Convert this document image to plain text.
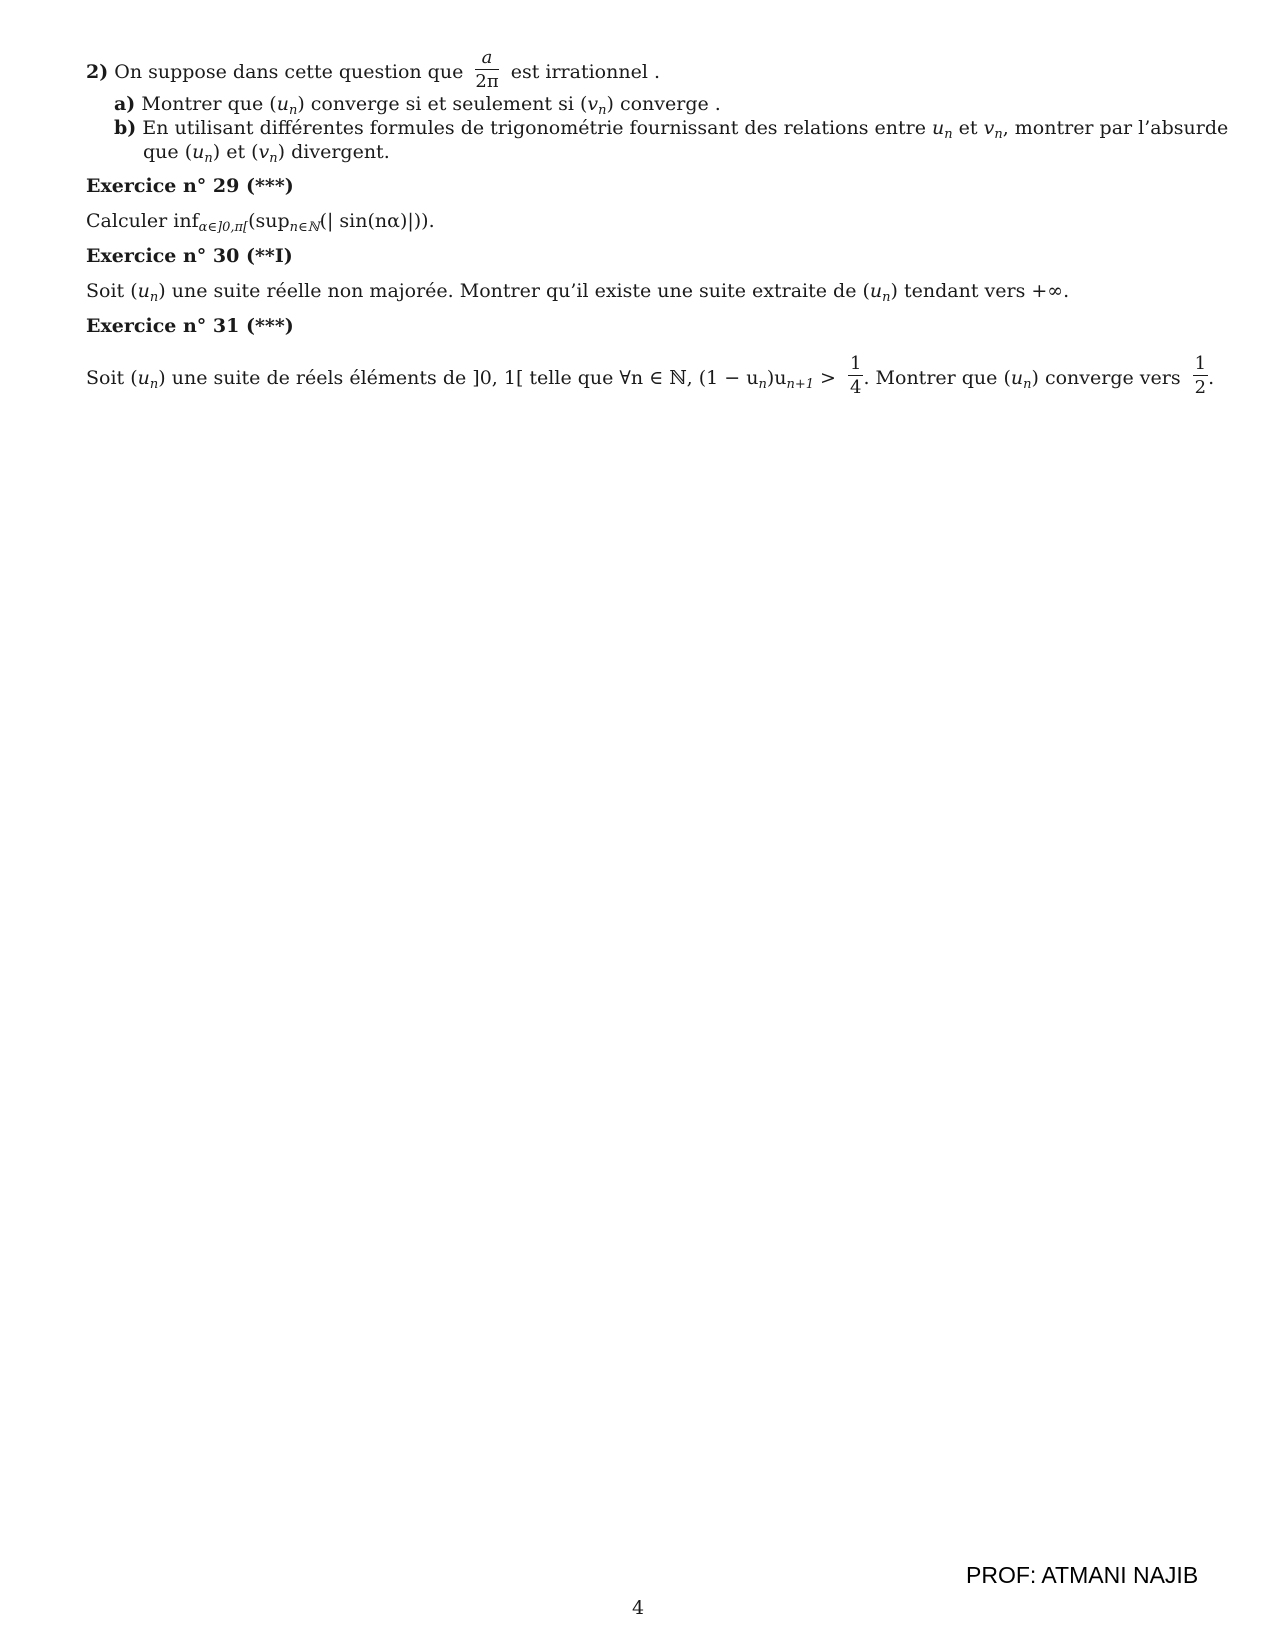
2) On suppose dans cette question que $\frac{a}{2\pi}$ est irrationnel .
a) Montrer que $(u_n)$ converge si et seulement si $(v_n)$ converge .
b) En utilisant différentes formules de trigonométrie fournissant des relations entre $u_n$ et $v_n$, montrer par l’absurde
que $(u_n)$ et $(v_n)$ divergent.
Exercice n° 29 (***)
Calculer inf$_{\alpha\in]0,\pi[}$(sup$_{n\in ℕ}$(| sin(nα)|)).
Exercice n° 30 (**I)
Soit $(u_n)$ une suite réelle non majorée. Montrer qu’il existe une suite extraite de $(u_n)$ tendant vers +∞.
Exercice n° 31 (***)
Soit $(u_n)$ une suite de réels éléments de ]0, 1[ telle que ∀n ∈ ℕ, $(1 - u_n)u_{n+1} > \frac{1}{4}$ . Montrer que $(u_n)$ converge vers $\frac{1}{2}$ .
PROF: ATMANI NAJIB
4
